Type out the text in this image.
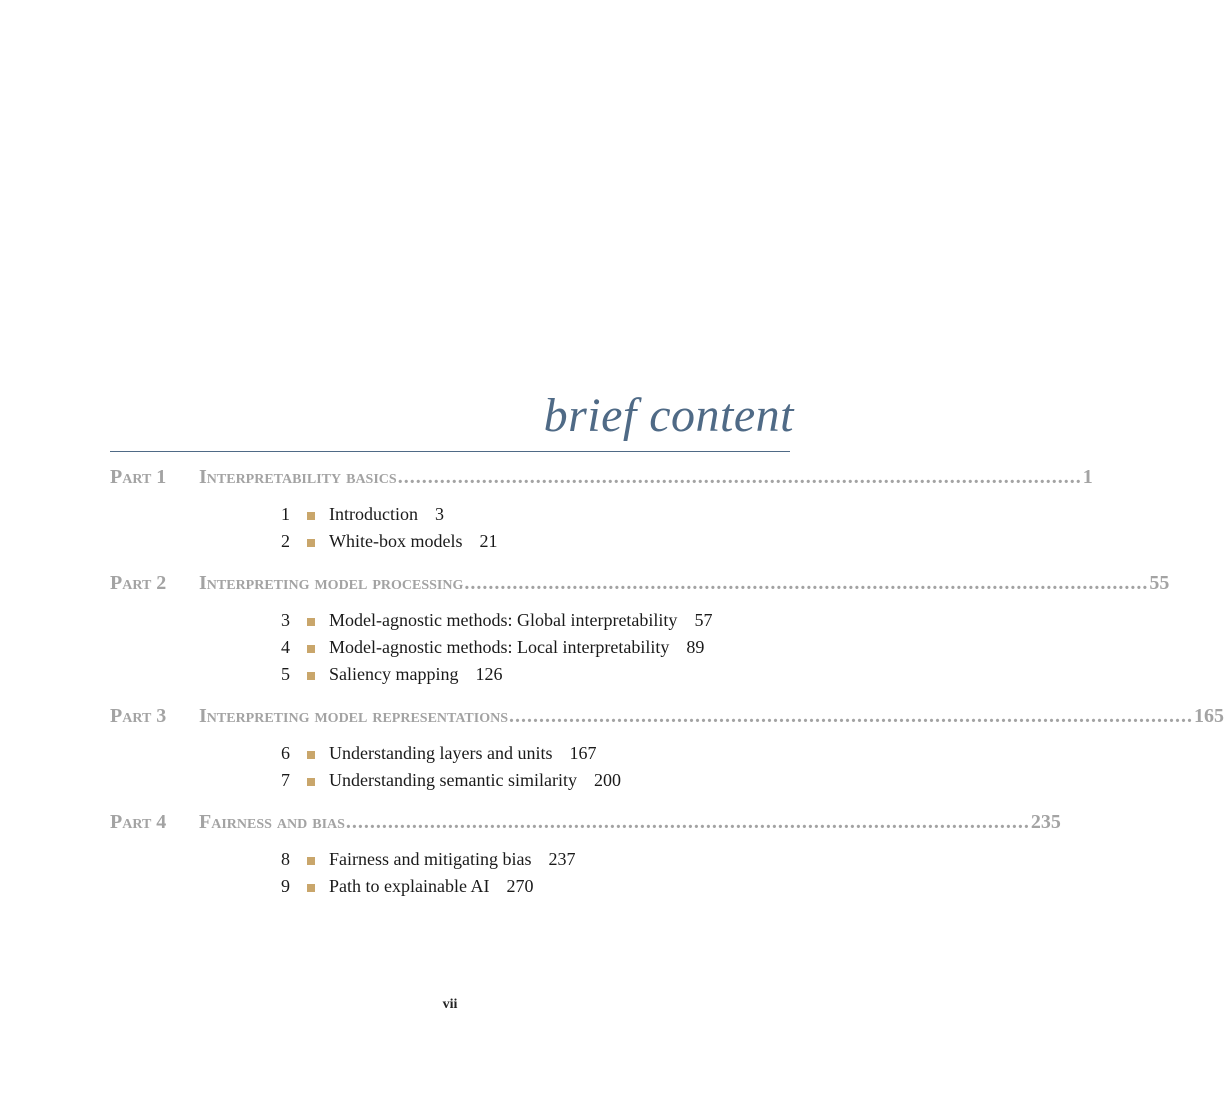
brief content
Part 1	Interpretability basics .................................................................................................................. 1
1 Introduction 3
2 White-box models 21
Part 2	Interpreting model processing .................................................................................................................. 55
3 Model-agnostic methods: Global interpretability 57
4 Model-agnostic methods: Local interpretability 89
5 Saliency mapping 126
Part 3	Interpreting model representations .................................................................................................................. 165
6 Understanding layers and units 167
7 Understanding semantic similarity 200
Part 4	Fairness and bias .................................................................................................................. 235
8 Fairness and mitigating bias 237
9 Path to explainable AI 270
vii
